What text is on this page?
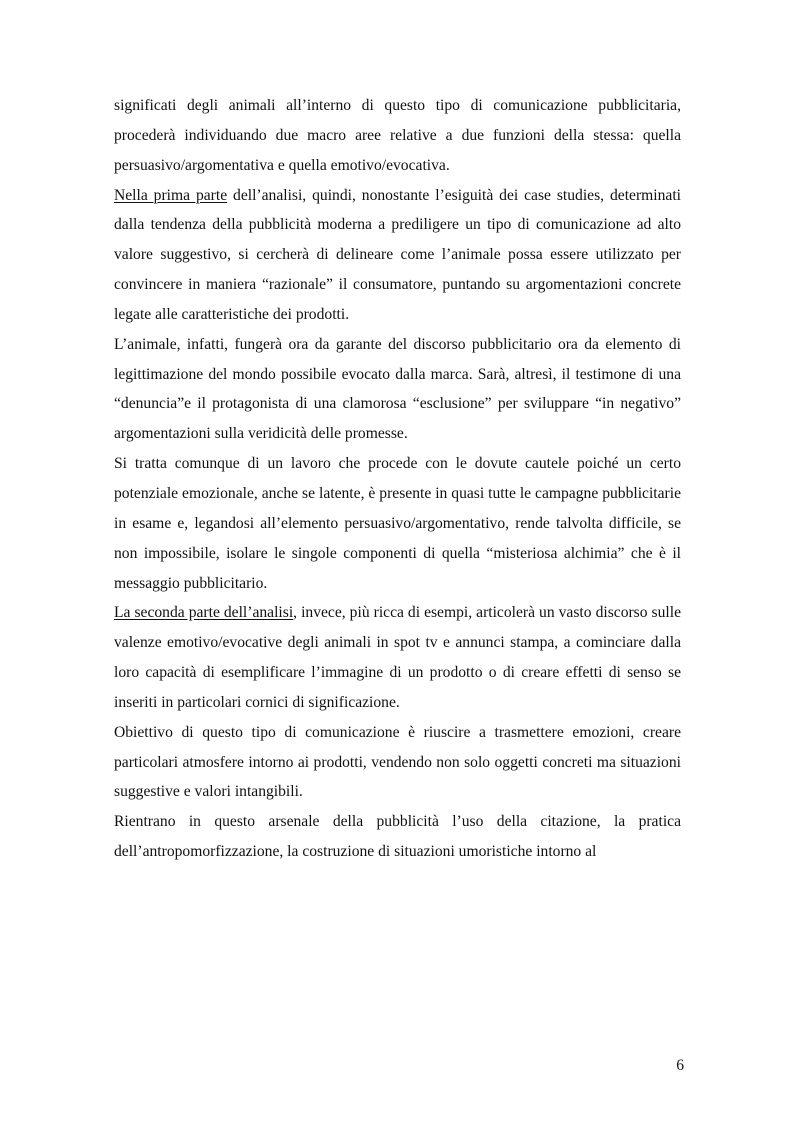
significati degli animali all’interno di questo tipo di comunicazione pubblicitaria, procederà individuando due macro aree relative a due funzioni della stessa: quella persuasivo/argomentativa e quella emotivo/evocativa.

Nella prima parte dell’analisi, quindi, nonostante l’esiguità dei case studies, determinati dalla tendenza della pubblicità moderna a prediligere un tipo di comunicazione ad alto valore suggestivo, si cercherà di delineare come l’animale possa essere utilizzato per convincere in maniera “razionale” il consumatore, puntando su argomentazioni concrete legate alle caratteristiche dei prodotti.

L’animale, infatti, fungerà ora da garante del discorso pubblicitario ora da elemento di legittimazione del mondo possibile evocato dalla marca. Sarà, altresì, il testimone di una “denuncia”e il protagonista di una clamorosa “esclusione” per sviluppare “in negativo” argomentazioni sulla veridicità delle promesse.

Si tratta comunque di un lavoro che procede con le dovute cautele poiché un certo potenziale emozionale, anche se latente, è presente in quasi tutte le campagne pubblicitarie in esame e, legandosi all’elemento persuasivo/argomentativo, rende talvolta difficile, se non impossibile, isolare le singole componenti di quella “misteriosa alchimia” che è il messaggio pubblicitario.

La seconda parte dell’analisi, invece, più ricca di esempi, articolerà un vasto discorso sulle valenze emotivo/evocative degli animali in spot tv e annunci stampa, a cominciare dalla loro capacità di esemplificare l’immagine di un prodotto o di creare effetti di senso se inseriti in particolari cornici di significazione.

Obiettivo di questo tipo di comunicazione è riuscire a trasmettere emozioni, creare particolari atmosfere intorno ai prodotti, vendendo non solo oggetti concreti ma situazioni suggestive e valori intangibili.

Rientrano in questo arsenale della pubblicità l’uso della citazione, la pratica dell’antropomorfizzazione, la costruzione di situazioni umoristiche intorno al

6
